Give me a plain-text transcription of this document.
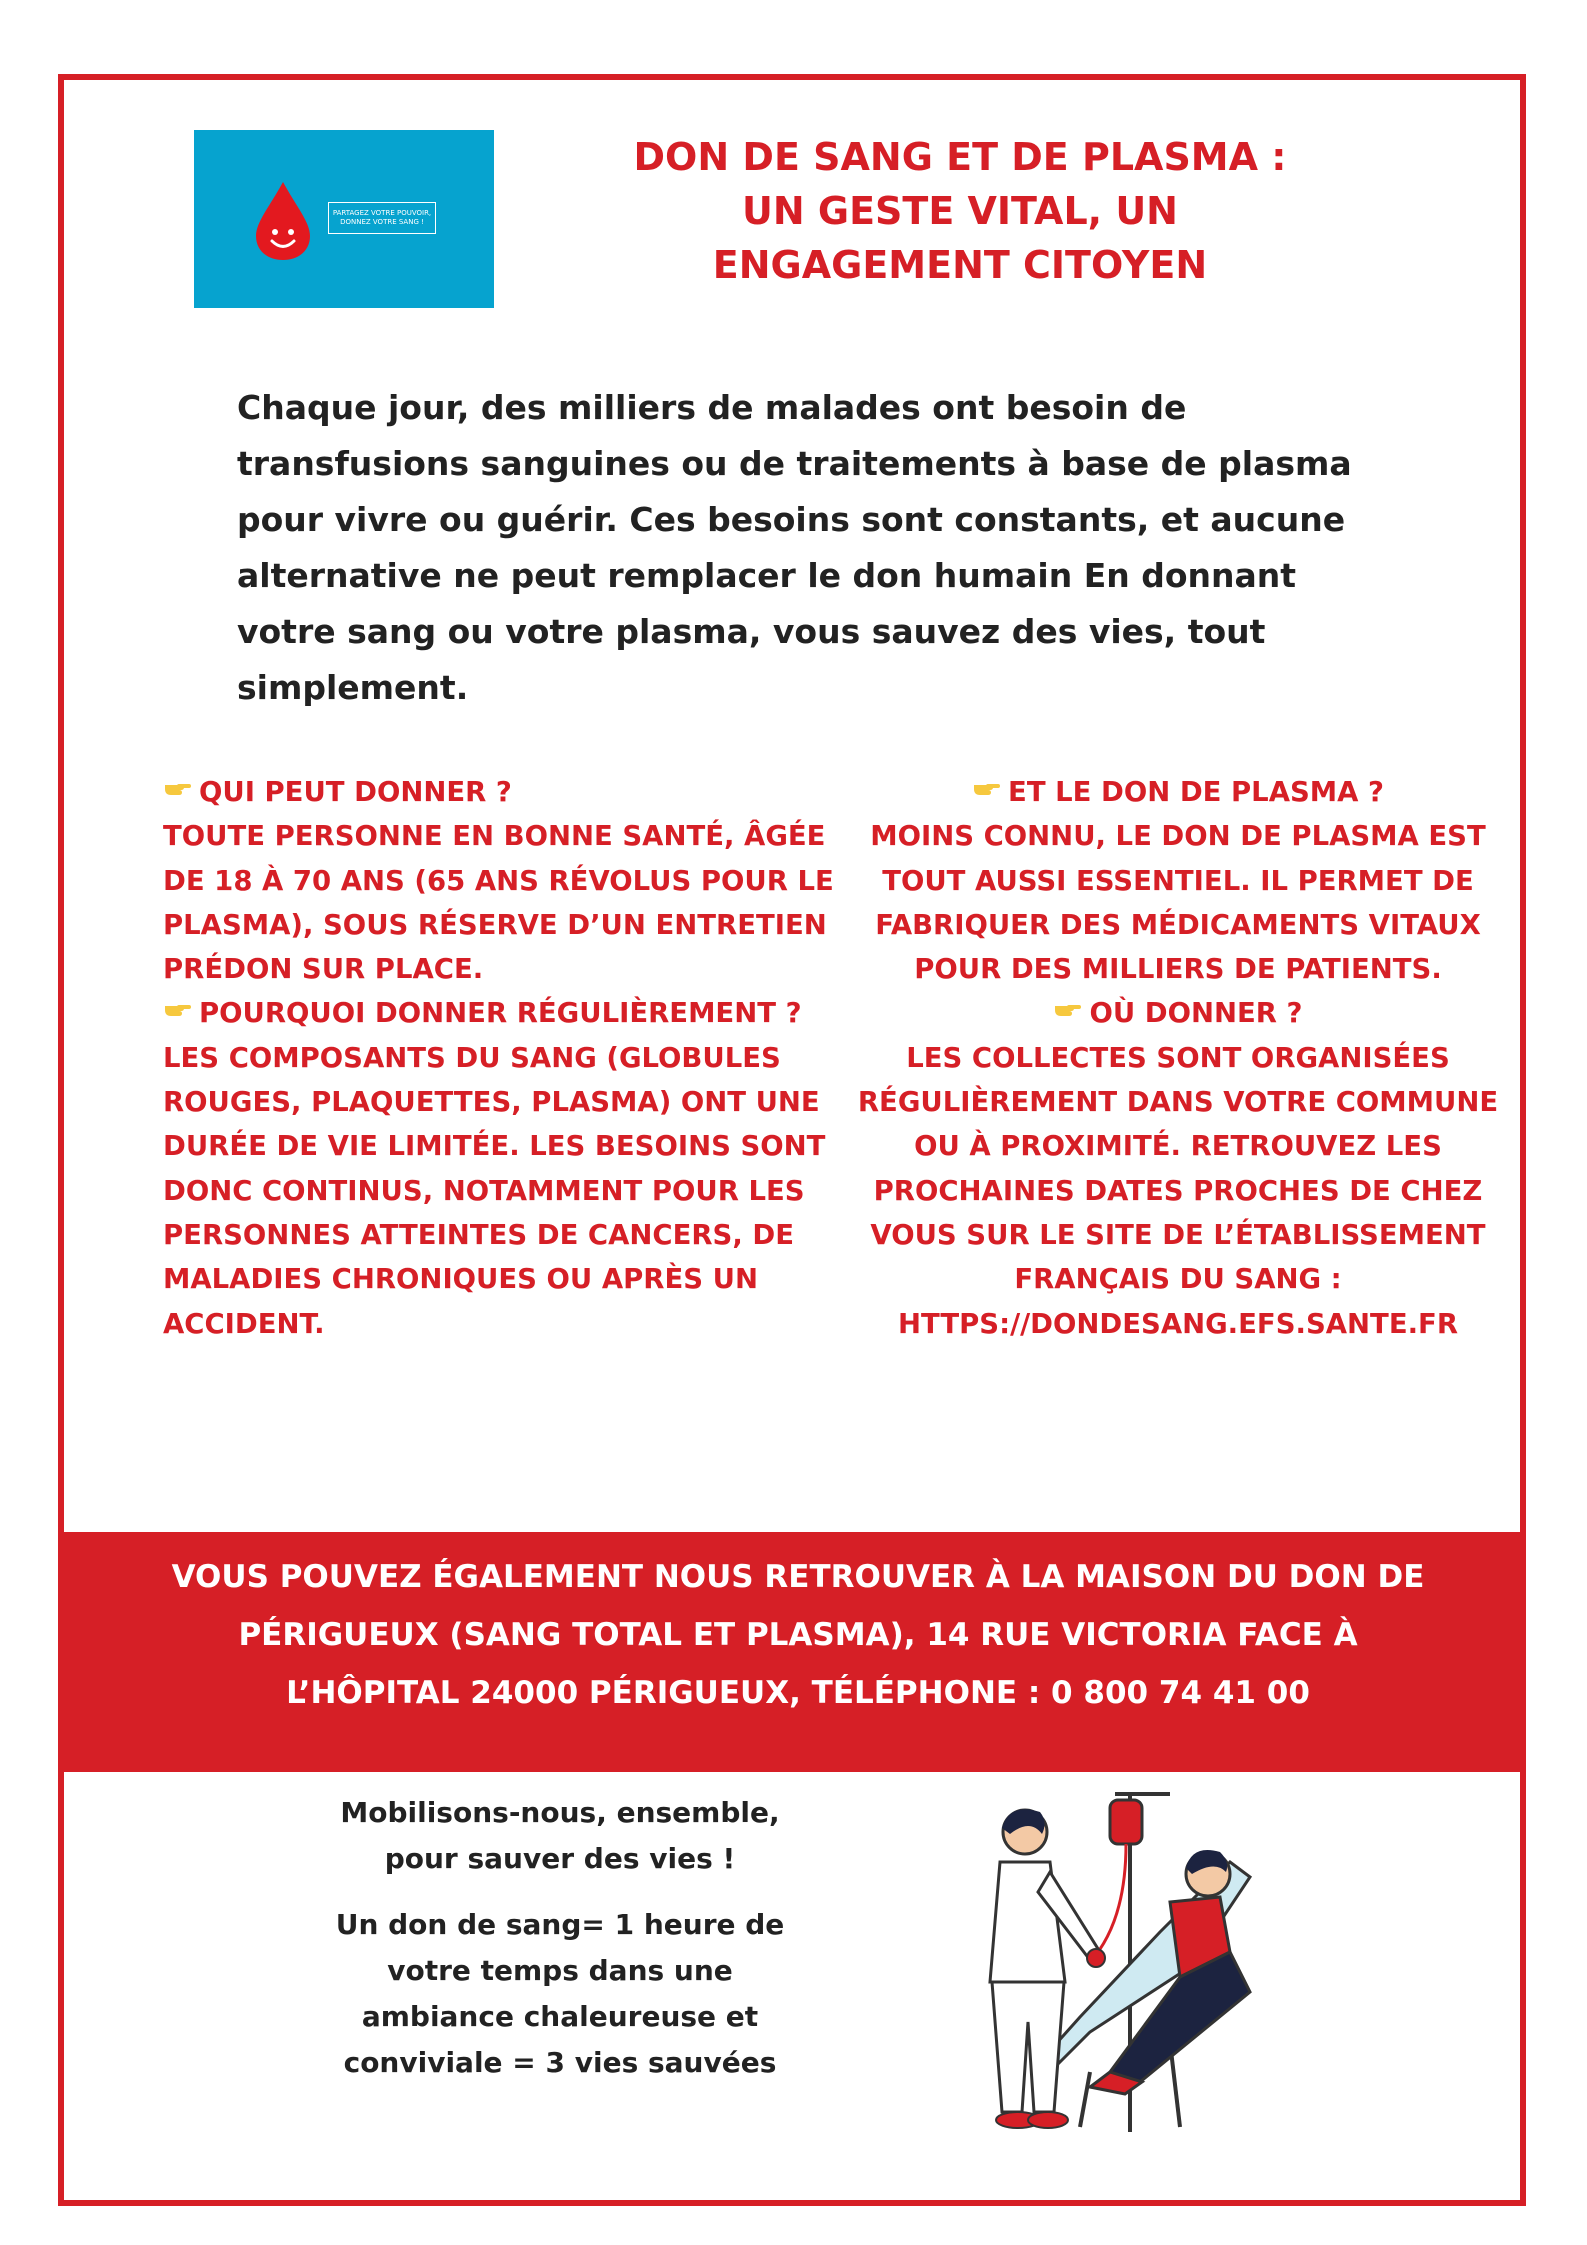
PARTAGEZ VOTRE POUVOIR,
DONNEZ VOTRE SANG !
DON DE SANG ET DE PLASMA :
UN GESTE VITAL, UN
ENGAGEMENT CITOYEN
Chaque jour, des milliers de malades ont besoin de transfusions sanguines ou de traitements à base de plasma pour vivre ou guérir. Ces besoins sont constants, et aucune alternative ne peut remplacer le don humain En donnant votre sang ou votre plasma, vous sauvez des vies, tout simplement.

QUI PEUT DONNER ?

TOUTE PERSONNE EN BONNE SANTÉ, ÂGÉE DE 18 À 70 ANS (65 ANS RÉVOLUS POUR LE PLASMA), SOUS RÉSERVE D’UN ENTRETIEN PRÉDON SUR PLACE.

POURQUOI DONNER RÉGULIÈREMENT ?

LES COMPOSANTS DU SANG (GLOBULES ROUGES, PLAQUETTES, PLASMA) ONT UNE DURÉE DE VIE LIMITÉE. LES BESOINS SONT DONC CONTINUS, NOTAMMENT POUR LES PERSONNES ATTEINTES DE CANCERS, DE MALADIES CHRONIQUES OU APRÈS UN ACCIDENT.

ET LE DON DE PLASMA ?

MOINS CONNU, LE DON DE PLASMA EST TOUT AUSSI ESSENTIEL. IL PERMET DE FABRIQUER DES MÉDICAMENTS VITAUX POUR DES MILLIERS DE PATIENTS.

OÙ DONNER ?

LES COLLECTES SONT ORGANISÉES RÉGULIÈREMENT DANS VOTRE COMMUNE OU À PROXIMITÉ. RETROUVEZ LES PROCHAINES DATES PROCHES DE CHEZ VOUS SUR LE SITE DE L’ÉTABLISSEMENT FRANÇAIS DU SANG :

HTTPS://DONDESANG.EFS.SANTE.FR

VOUS POUVEZ ÉGALEMENT NOUS RETROUVER À LA MAISON DU DON DE PÉRIGUEUX (SANG TOTAL ET PLASMA), 14 RUE VICTORIA FACE À L’HÔPITAL 24000 PÉRIGUEUX, TÉLÉPHONE : 0 800 74 41 00

Mobilisons-nous, ensemble, pour sauver des vies !

Un don de sang= 1 heure de votre temps dans une ambiance chaleureuse et conviviale = 3 vies sauvées
